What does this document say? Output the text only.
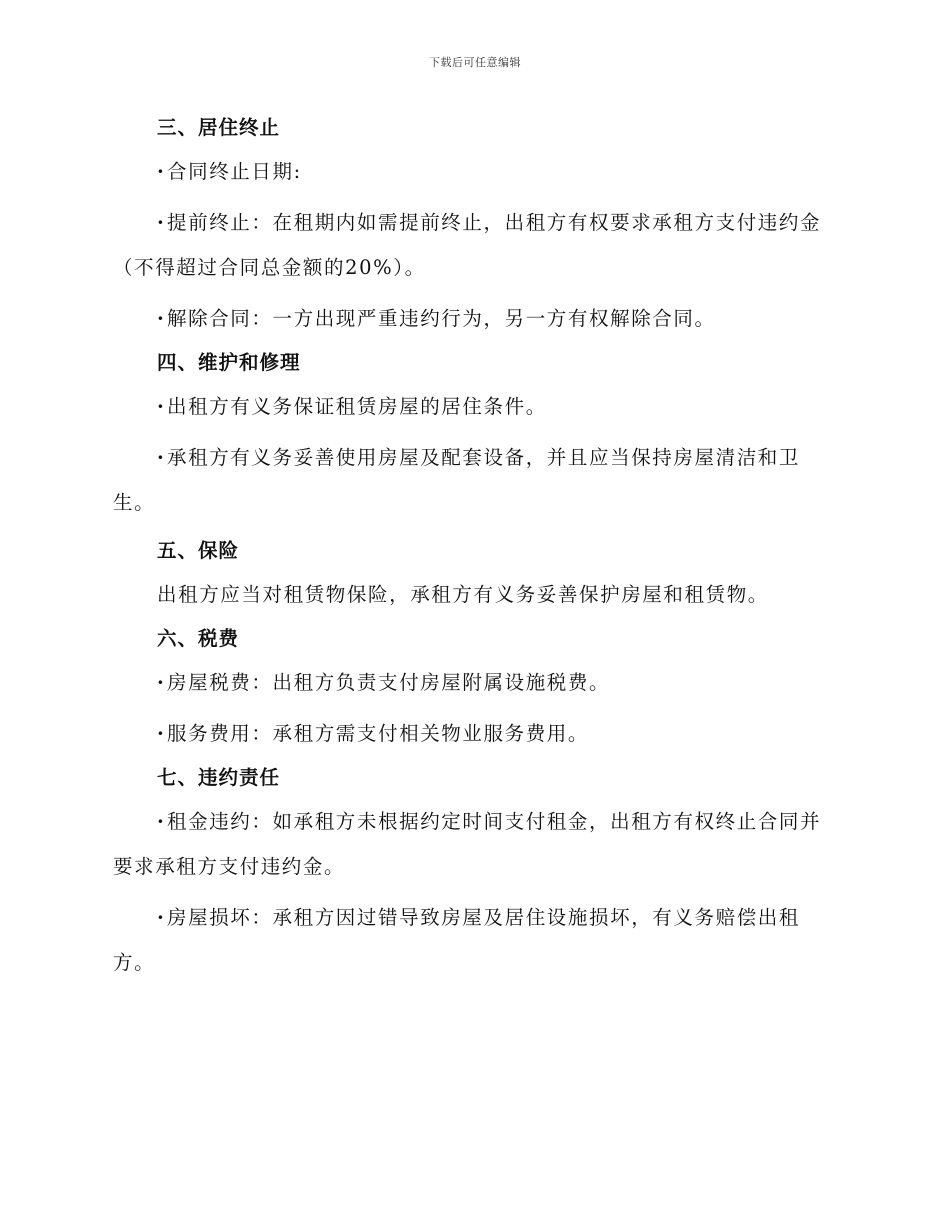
下载后可任意编辑
三、居住终止

·合同终止日期:

·提前终止：在租期内如需提前终止，出租方有权要求承租方支付违约金（不得超过合同总金额的20%）。

·解除合同：一方出现严重违约行为，另一方有权解除合同。

四、维护和修理

·出租方有义务保证租赁房屋的居住条件。

·承租方有义务妥善使用房屋及配套设备，并且应当保持房屋清洁和卫生。

五、保险

出租方应当对租赁物保险，承租方有义务妥善保护房屋和租赁物。

六、税费

·房屋税费：出租方负责支付房屋附属设施税费。

·服务费用：承租方需支付相关物业服务费用。

七、违约责任

·租金违约：如承租方未根据约定时间支付租金，出租方有权终止合同并要求承租方支付违约金。

·房屋损坏：承租方因过错导致房屋及居住设施损坏，有义务赔偿出租方。
